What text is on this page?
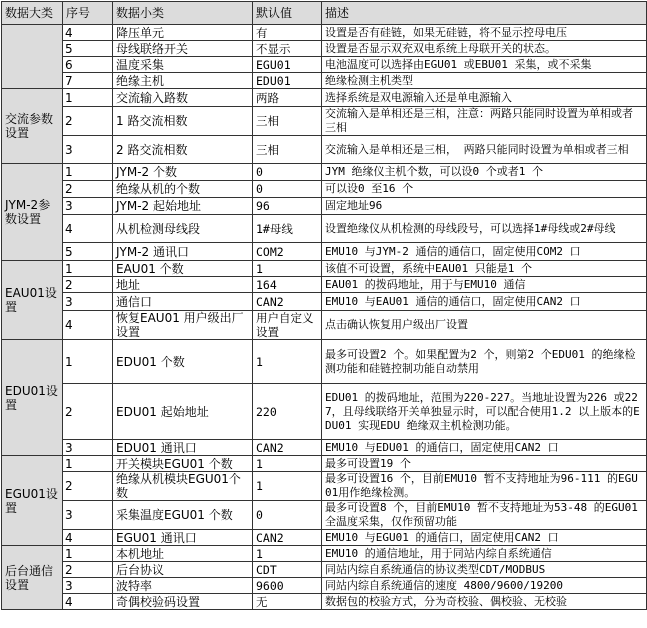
数据大类	序号	数据小类	默认值	描述
	4	降压单元	有	设置是否有硅链，如果无硅链，将不显示控母电压
	5	母线联络开关	不显示	设置是否显示双充双电系统上母联开关的状态。
	6	温度采集	EGU01	电池温度可以选择由EGU01 或EBU01 采集，或不采集
	7	绝缘主机	EDU01	绝缘检测主机类型
交流参数设置	1	交流输入路数	两路	选择系统是双电源输入还是单电源输入
	2	1 路交流相数	三相	交流输入是单相还是三相，注意：两路只能同时设置为单相或者三相
	3	2 路交流相数	三相	交流输入是单相还是三相， 两路只能同时设置为单相或者三相
JYM-2参数设置	1	JYM-2 个数	0	JYM 绝缘仪主机个数，可以设0 个或者1 个
	2	绝缘从机的个数	0	可以设0 至16 个
	3	JYM-2 起始地址	96	固定地址96
	4	从机检测母线段	1#母线	设置绝缘仪从机检测的母线段号，可以选择1#母线或2#母线
	5	JYM-2 通讯口	COM2	EMU10 与JYM-2 通信的通信口，固定使用COM2 口
EAU01设置	1	EAU01 个数	1	该值不可设置，系统中EAU01 只能是1 个
	2	地址	164	EAU01 的拨码地址，用于与EMU10 通信
	3	通信口	CAN2	EMU10 与EAU01 通信的通信口，固定使用CAN2 口
	4	恢复EAU01 用户级出厂设置	用户自定义设置	点击确认恢复用户级出厂设置
EDU01设置	1	EDU01 个数	1	最多可设置2 个。如果配置为2 个，则第2 个EDU01 的绝缘检测功能和硅链控制功能自动禁用
	2	EDU01 起始地址	220	EDU01 的拨码地址，范围为220-227。当地址设置为226 或227，且母线联络开关单独显示时，可以配合使用1.2 以上版本的EDU01 实现EDU 绝缘双主机检测功能。
	3	EDU01 通讯口	CAN2	EMU10 与EDU01 的通信口，固定使用CAN2 口
EGU01设置	1	开关模块EGU01 个数	1	最多可设置19 个
	2	绝缘从机模块EGU01个数	1	最多可设置16 个，目前EMU10 暂不支持地址为96-111 的EGU01用作绝缘检测。
	3	采集温度EGU01 个数	0	最多可设置8 个，目前EMU10 暂不支持地址为53-48 的EGU01 全温度采集，仅作预留功能
	4	EGU01 通讯口	CAN2	EMU10 与EGU01 的通信口，固定使用CAN2 口
后台通信设置	1	本机地址	1	EMU10 的通信地址，用于同站内综自系统通信
	2	后台协议	CDT	同站内综自系统通信的协议类型CDT/MODBUS
	3	波特率	9600	同站内综自系统通信的速度 4800/9600/19200
	4	奇偶校验码设置	无	数据包的校验方式，分为奇校验、偶校验、无校验
